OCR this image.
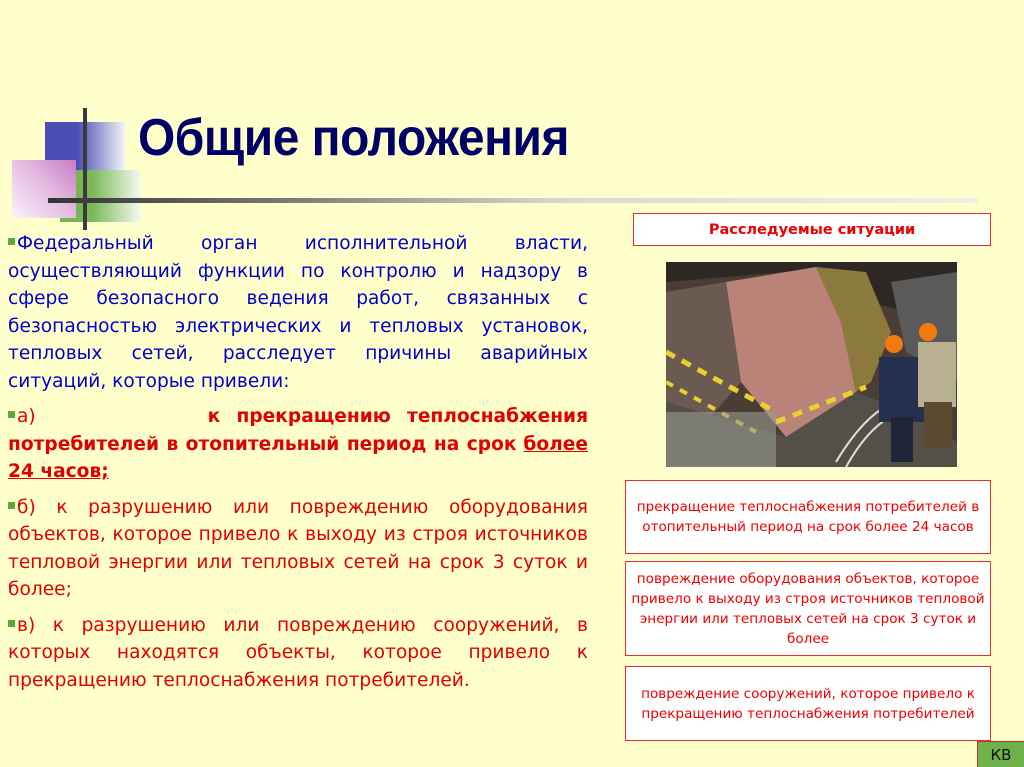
Общие положения

Федеральный орган исполнительной власти, осуществляющий функции по контролю и надзору в сфере безопасного ведения работ, связанных с безопасностью электрических и тепловых установок, тепловых сетей, расследует причины аварийных ситуаций, которые привели:

а)	к прекращению теплоснабжения потребителей в отопительный период на срок более 24 часов;

б) к разрушению или повреждению оборудования объектов, которое привело к выходу из строя источников тепловой энергии или тепловых сетей на срок 3 суток и более;

в) к разрушению или повреждению сооружений, в которых находятся объекты, которое привело к прекращению теплоснабжения потребителей.

Расследуемые ситуации
прекращение теплоснабжения потребителей в отопительный период на срок более 24 часов
повреждение оборудования объектов, которое привело к выходу из строя источников тепловой энергии или тепловых сетей на срок 3 суток и более
повреждение сооружений, которое привело к прекращению теплоснабжения потребителей
КВ
